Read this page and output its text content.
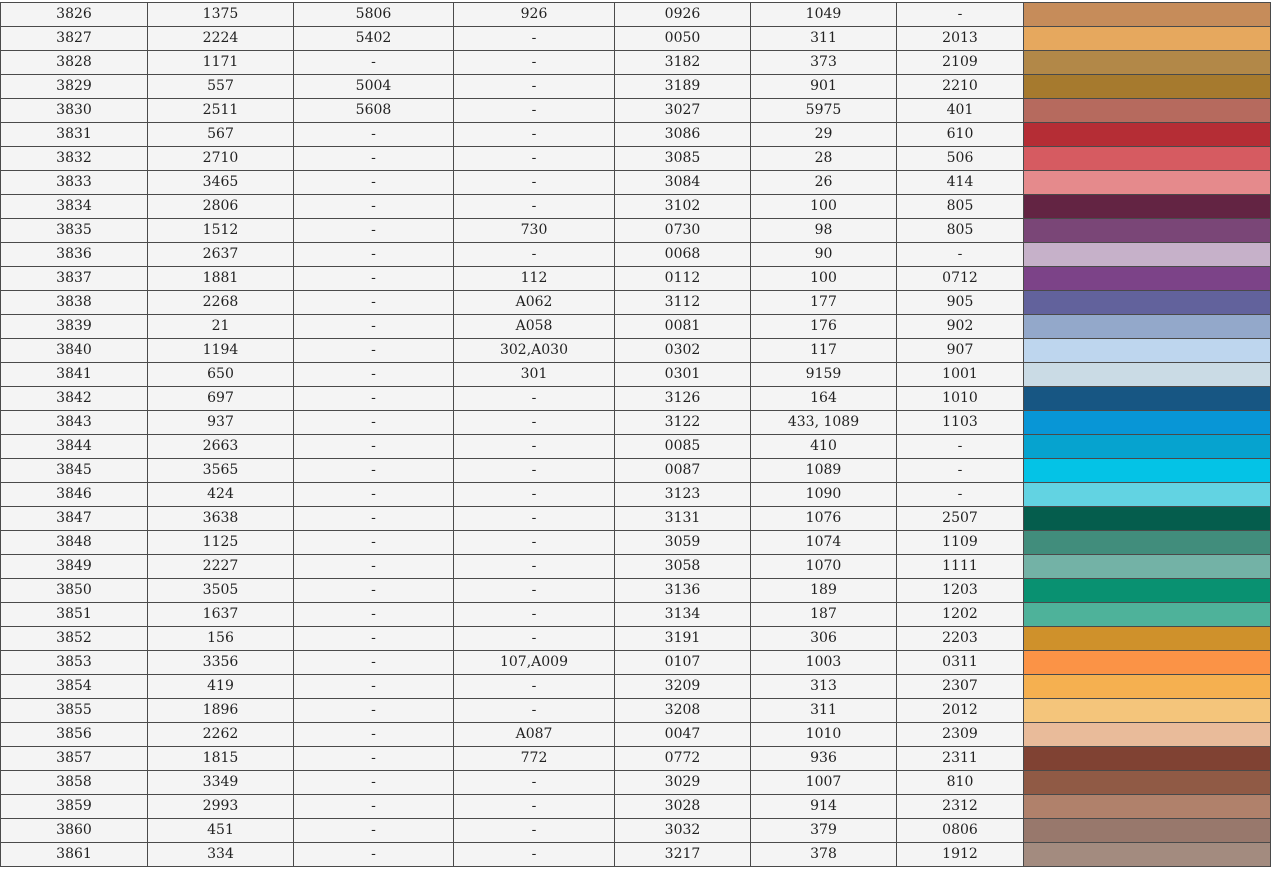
3826	1375	5806	926	0926	1049	-	
3827	2224	5402	-	0050	311	2013	
3828	1171	-	-	3182	373	2109	
3829	557	5004	-	3189	901	2210	
3830	2511	5608	-	3027	5975	401	
3831	567	-	-	3086	29	610	
3832	2710	-	-	3085	28	506	
3833	3465	-	-	3084	26	414	
3834	2806	-	-	3102	100	805	
3835	1512	-	730	0730	98	805	
3836	2637	-	-	0068	90	-	
3837	1881	-	112	0112	100	0712	
3838	2268	-	A062	3112	177	905	
3839	21	-	A058	0081	176	902	
3840	1194	-	302,A030	0302	117	907	
3841	650	-	301	0301	9159	1001	
3842	697	-	-	3126	164	1010	
3843	937	-	-	3122	433, 1089	1103	
3844	2663	-	-	0085	410	-	
3845	3565	-	-	0087	1089	-	
3846	424	-	-	3123	1090	-	
3847	3638	-	-	3131	1076	2507	
3848	1125	-	-	3059	1074	1109	
3849	2227	-	-	3058	1070	1111	
3850	3505	-	-	3136	189	1203	
3851	1637	-	-	3134	187	1202	
3852	156	-	-	3191	306	2203	
3853	3356	-	107,A009	0107	1003	0311	
3854	419	-	-	3209	313	2307	
3855	1896	-	-	3208	311	2012	
3856	2262	-	A087	0047	1010	2309	
3857	1815	-	772	0772	936	2311	
3858	3349	-	-	3029	1007	810	
3859	2993	-	-	3028	914	2312	
3860	451	-	-	3032	379	0806	
3861	334	-	-	3217	378	1912	
